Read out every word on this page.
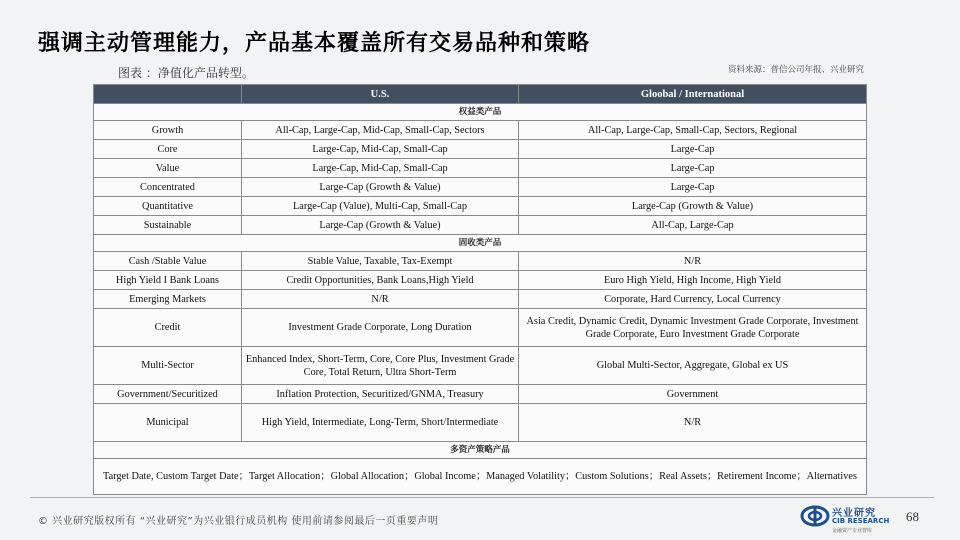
强调主动管理能力，产品基本覆盖所有交易品种和策略
图表 ：净值化产品转型。	资料来源：普信公司年报、兴业研究
	U.S.	Gloobal / International
权益类产品		
Growth	All-Cap, Large-Cap, Mid-Cap, Small-Cap, Sectors	All-Cap, Large-Cap, Small-Cap, Sectors, Regional
Core	Large-Cap, Mid-Cap, Small-Cap	Large-Cap
Value	Large-Cap, Mid-Cap, Small-Cap	Large-Cap
Concentrated	Large-Cap (Growth & Value)	Large-Cap
Quantitative	Large-Cap (Value), Multi-Cap, Small-Cap	Large-Cap (Growth & Value)
Sustainable	Large-Cap (Growth & Value)	All-Cap, Large-Cap
固收类产品		
Cash /Stable Value	Stable Value, Taxable, Tax-Exempt	N/R
High Yield I Bank Loans	Credit Opportunities, Bank Loans,High Yield	Euro High Yield, High Income, High Yield
Emerging Markets	N/R	Corporate, Hard Currency, Local Currency
Credit	Investment Grade Corporate, Long Duration	Asia Credit, Dynamic Credit, Dynamic Investment Grade Corporate, Investment Grade Corporate, Euro Investment Grade Corporate
Multi-Sector	Enhanced Index, Short-Term, Core, Core Plus, Investment Grade Core, Total Return, Ultra Short-Term	Global Multi-Sector, Aggregate, Global ex US
Government/Securitized	Inflation Protection, Securitized/GNMA, Treasury	Government
Municipal	High Yield, Intermediate, Long-Term, Short/Intermediate	N/R
多资产策略产品		
Target Date, Custom Target Date；Target Allocation；Global Allocation；Global Income；Managed Volatility；Custom Solutions；Real Assets；Retirement Income；Alternatives		
© 兴业研究版权所有 “兴业研究”为兴业银行成员机构 使用前请参阅最后一页重要声明
兴业研究
CIB RESEARCH
金融资产专业智库
68
